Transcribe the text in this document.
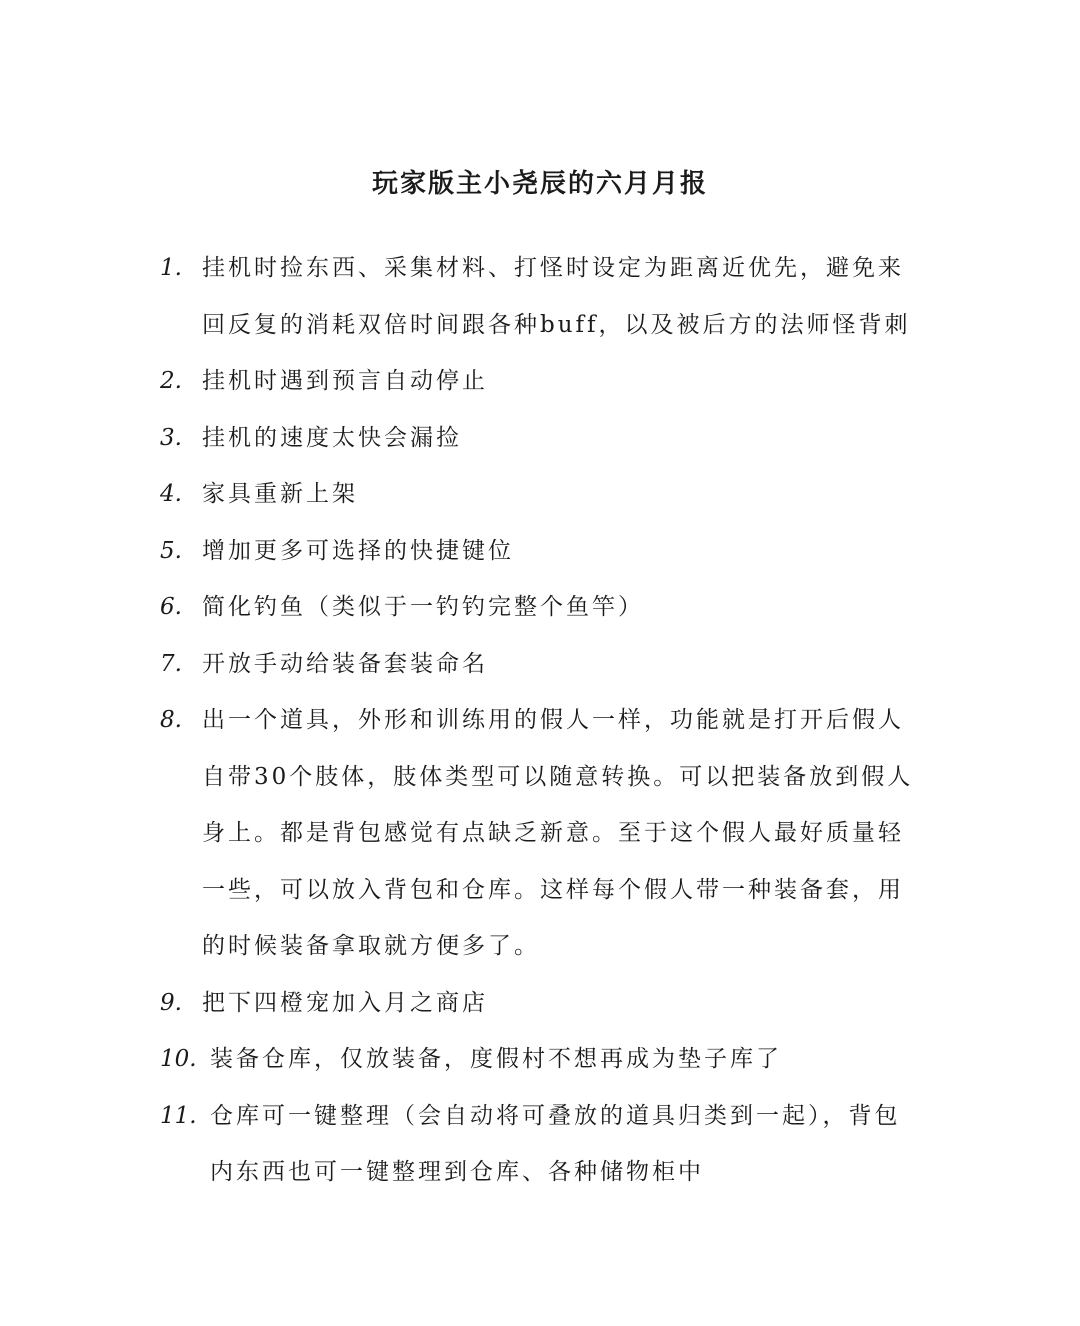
玩家版主小尧辰的六月月报
1. 挂机时捡东西、采集材料、打怪时设定为距离近优先，避免来回反复的消耗双倍时间跟各种buff，以及被后方的法师怪背刺
2. 挂机时遇到预言自动停止
3. 挂机的速度太快会漏捡
4. 家具重新上架
5. 增加更多可选择的快捷键位
6. 简化钓鱼（类似于一钓钓完整个鱼竿）
7. 开放手动给装备套装命名
8. 出一个道具，外形和训练用的假人一样，功能就是打开后假人自带30个肢体，肢体类型可以随意转换。可以把装备放到假人身上。都是背包感觉有点缺乏新意。至于这个假人最好质量轻一些，可以放入背包和仓库。这样每个假人带一种装备套，用的时候装备拿取就方便多了。
9. 把下四橙宠加入月之商店
10. 装备仓库，仅放装备，度假村不想再成为垫子库了
11. 仓库可一键整理（会自动将可叠放的道具归类到一起），背包内东西也可一键整理到仓库、各种储物柜中
